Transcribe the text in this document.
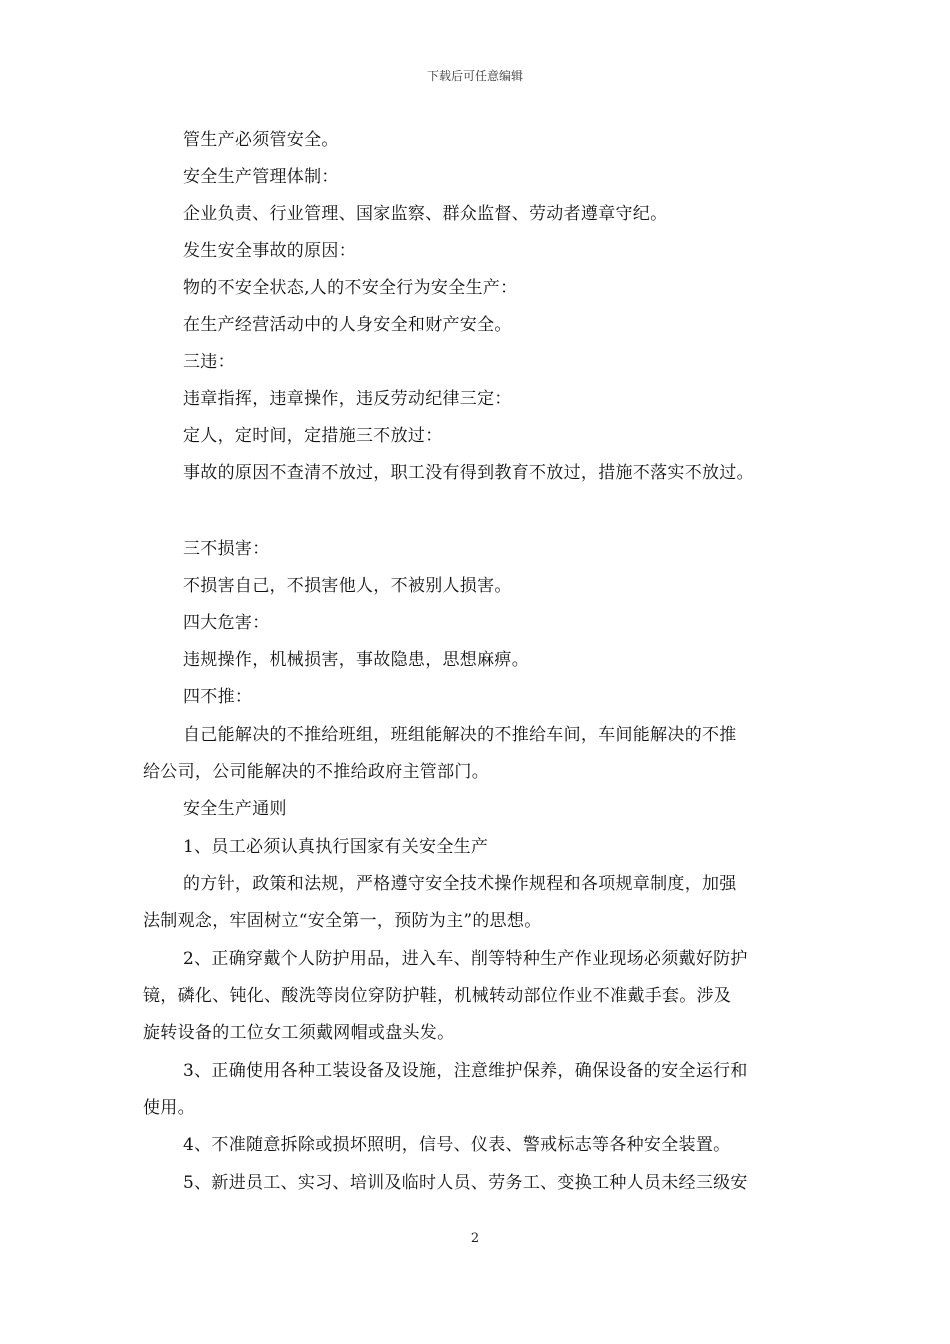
下载后可任意编辑
管生产必须管安全。
安全生产管理体制：
企业负责、行业管理、国家监察、群众监督、劳动者遵章守纪。
发生安全事故的原因：
物的不安全状态,人的不安全行为安全生产：
在生产经营活动中的人身安全和财产安全。
三违：
违章指挥，违章操作，违反劳动纪律三定：
定人，定时间，定措施三不放过：
事故的原因不查清不放过，职工没有得到教育不放过，措施不落实不放过。
三不损害：
不损害自己，不损害他人，不被别人损害。
四大危害：
违规操作，机械损害，事故隐患，思想麻痹。
四不推：
自己能解决的不推给班组，班组能解决的不推给车间，车间能解决的不推
给公司，公司能解决的不推给政府主管部门。
安全生产通则
1、员工必须认真执行国家有关安全生产
的方针，政策和法规，严格遵守安全技术操作规程和各项规章制度，加强
法制观念，牢固树立“安全第一，预防为主”的思想。
2、正确穿戴个人防护用品，进入车、削等特种生产作业现场必须戴好防护
镜，磷化、钝化、酸洗等岗位穿防护鞋，机械转动部位作业不准戴手套。涉及
旋转设备的工位女工须戴网帽或盘头发。
3、正确使用各种工装设备及设施，注意维护保养，确保设备的安全运行和
使用。
4、不准随意拆除或损坏照明，信号、仪表、警戒标志等各种安全装置。
5、新进员工、实习、培训及临时人员、劳务工、变换工种人员未经三级安
2
